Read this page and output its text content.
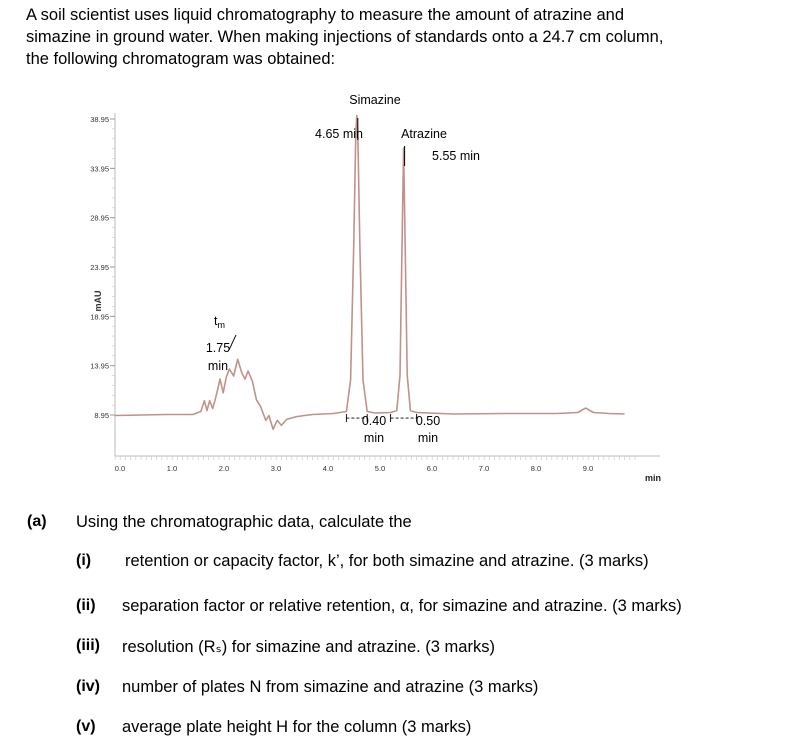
A soil scientist uses liquid chromatography to measure the amount of atrazine and
simazine in ground water. When making injections of standards onto a 24.7 cm column,
the following chromatogram was obtained:
38.95
33.95
28.95
23.95
18.95
13.95
8.95
0.0	1.0	2.0	3.0	4.0	5.0	6.0	7.0	8.0	9.0
mAU
min
Simazine
4.65 min	Atrazine
5.55 min
$t_m$
1.75
min
0.40
min
0.50
min
(a) Using the chromatographic data, calculate the
(i) retention or capacity factor, k’, for both simazine and atrazine. (3 marks)
(ii) separation factor or relative retention, α, for simazine and atrazine. (3 marks)
(iii) resolution (Rₛ) for simazine and atrazine. (3 marks)
(iv) number of plates N from simazine and atrazine (3 marks)
(v) average plate height H for the column (3 marks)
